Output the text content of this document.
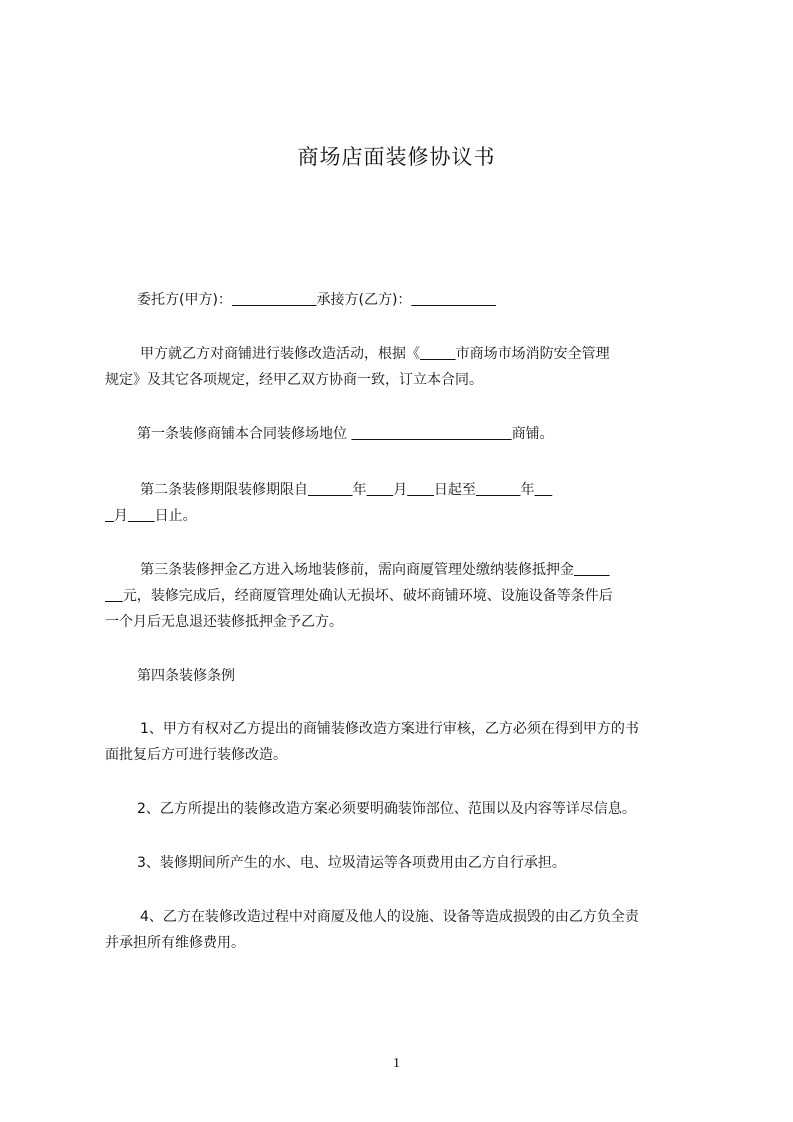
商场店面装修协议书
委托方(甲方)：	承接方(乙方)：
甲方就乙方对商铺进行装修改造活动，根据《	市商场市场消防安全管理
规定》及其它各项规定，经甲乙双方协商一致，订立本合同。
第一条装修商铺本合同装修场地位	商铺。
第二条装修期限装修期限自	年 月 日起至	年
月 日止。
第三条装修押金乙方进入场地装修前，需向商厦管理处缴纳装修抵押金
元，装修完成后，经商厦管理处确认无损坏、破坏商铺环境、设施设备等条件后
一个月后无息退还装修抵押金予乙方。
第四条装修条例
1、甲方有权对乙方提出的商铺装修改造方案进行审核，乙方必须在得到甲方的书
面批复后方可进行装修改造。
2、乙方所提出的装修改造方案必须要明确装饰部位、范围以及内容等详尽信息。
3、装修期间所产生的水、电、垃圾清运等各项费用由乙方自行承担。
4、乙方在装修改造过程中对商厦及他人的设施、设备等造成损毁的由乙方负全责
并承担所有维修费用。
1
